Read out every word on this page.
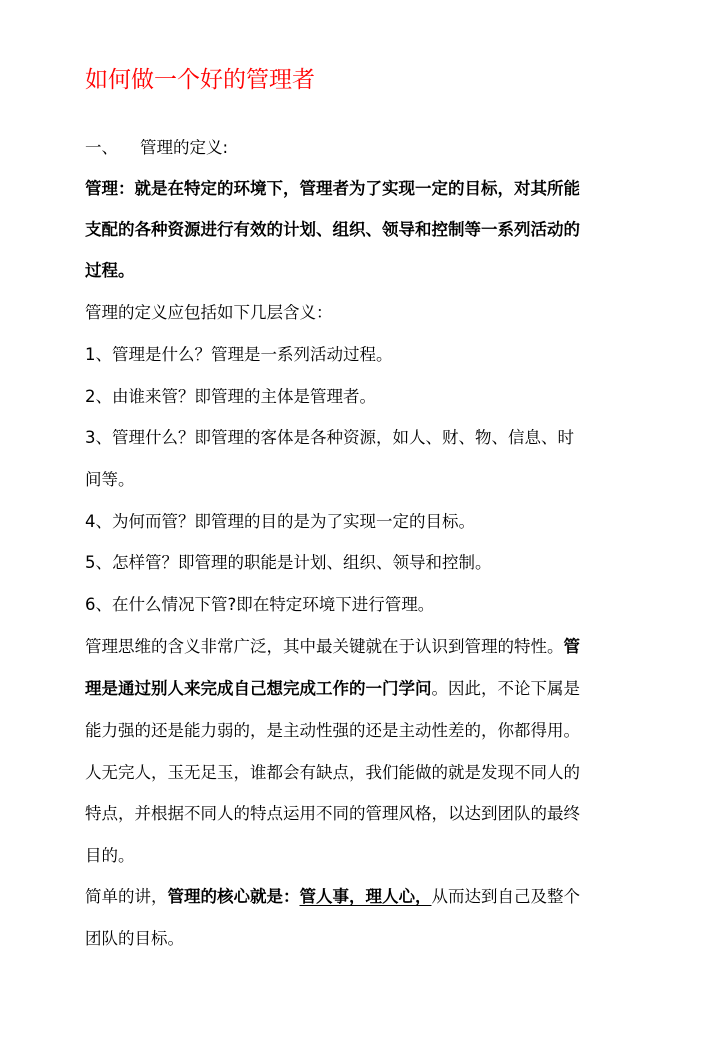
如何做一个好的管理者
一、 管理的定义:
管理：就是在特定的环境下，管理者为了实现一定的目标，对其所能
支配的各种资源进行有效的计划、组织、领导和控制等一系列活动的
过程。
管理的定义应包括如下几层含义：
1、管理是什么？管理是一系列活动过程。
2、由谁来管？即管理的主体是管理者。
3、管理什么？即管理的客体是各种资源，如人、财、物、信息、时
间等。
4、为何而管？即管理的目的是为了实现一定的目标。
5、怎样管？即管理的职能是计划、组织、领导和控制。
6、在什么情况下管?即在特定环境下进行管理。
管理思维的含义非常广泛，其中最关键就在于认识到管理的特性。管
理是通过别人来完成自己想完成工作的一门学问。因此，不论下属是
能力强的还是能力弱的，是主动性强的还是主动性差的，你都得用。
人无完人，玉无足玉，谁都会有缺点，我们能做的就是发现不同人的
特点，并根据不同人的特点运用不同的管理风格，以达到团队的最终
目的。
简单的讲，管理的核心就是：管人事，理人心，从而达到自己及整个
团队的目标。
